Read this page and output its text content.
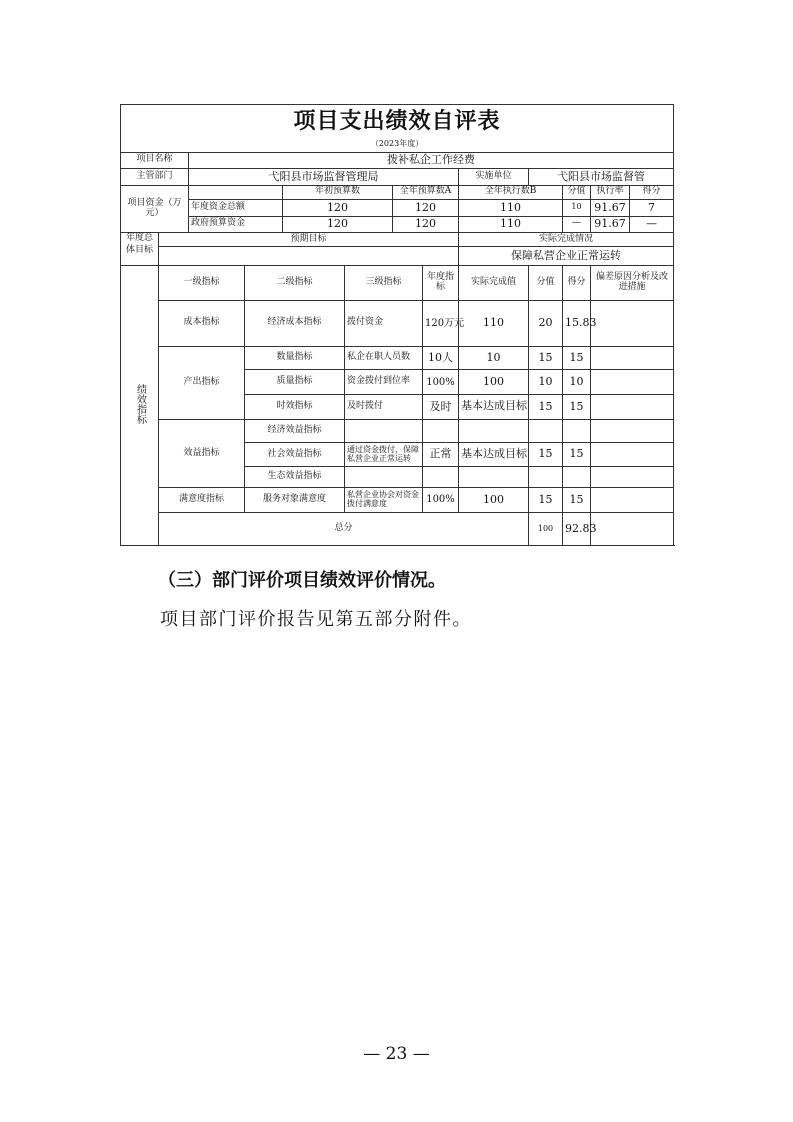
项目支出绩效自评表												
（2023年度）												
项目名称		拨补私企工作经费										
主管部门		弋阳县市场监督管理局						实施单位	弋阳县市场监督管			
项目资金（万元）				年初预算数		全年预算数A		全年执行数B		分值	执行率	得分
		年度资金总额		120		120		110		10	91.67	7
		政府预算资金		120		120		110		—	91.67	—

年度总体目标	预期目标							实际完成情况				
								保障私营企业正常运转				
绩效指标	一级指标		二级指标		三级指标		年度指标	实际完成值	分值	得分	偏差原因分析及改进措施	
	成本指标		经济成本指标		拨付资金		120万元	110	20	15.83		
	产出指标		数量指标		私企在职人员数		10人	10	15	15		
			质量指标		资金拨付到位率		100%	100	10	10		
			时效指标		及时拨付		及时	基本达成目标	15	15		
	效益指标		经济效益指标									
			社会效益指标		通过资金拨付，保障私营企业正常运转		正常	基本达成目标	15	15		
			生态效益指标									
	满意度指标		服务对象满意度		私营企业协会对资金拨付满意度		100%	100	15	15		
	总分								100	92.83		
（三）部门评价项目绩效评价情况。
项目部门评价报告见第五部分附件。
— 23 —
